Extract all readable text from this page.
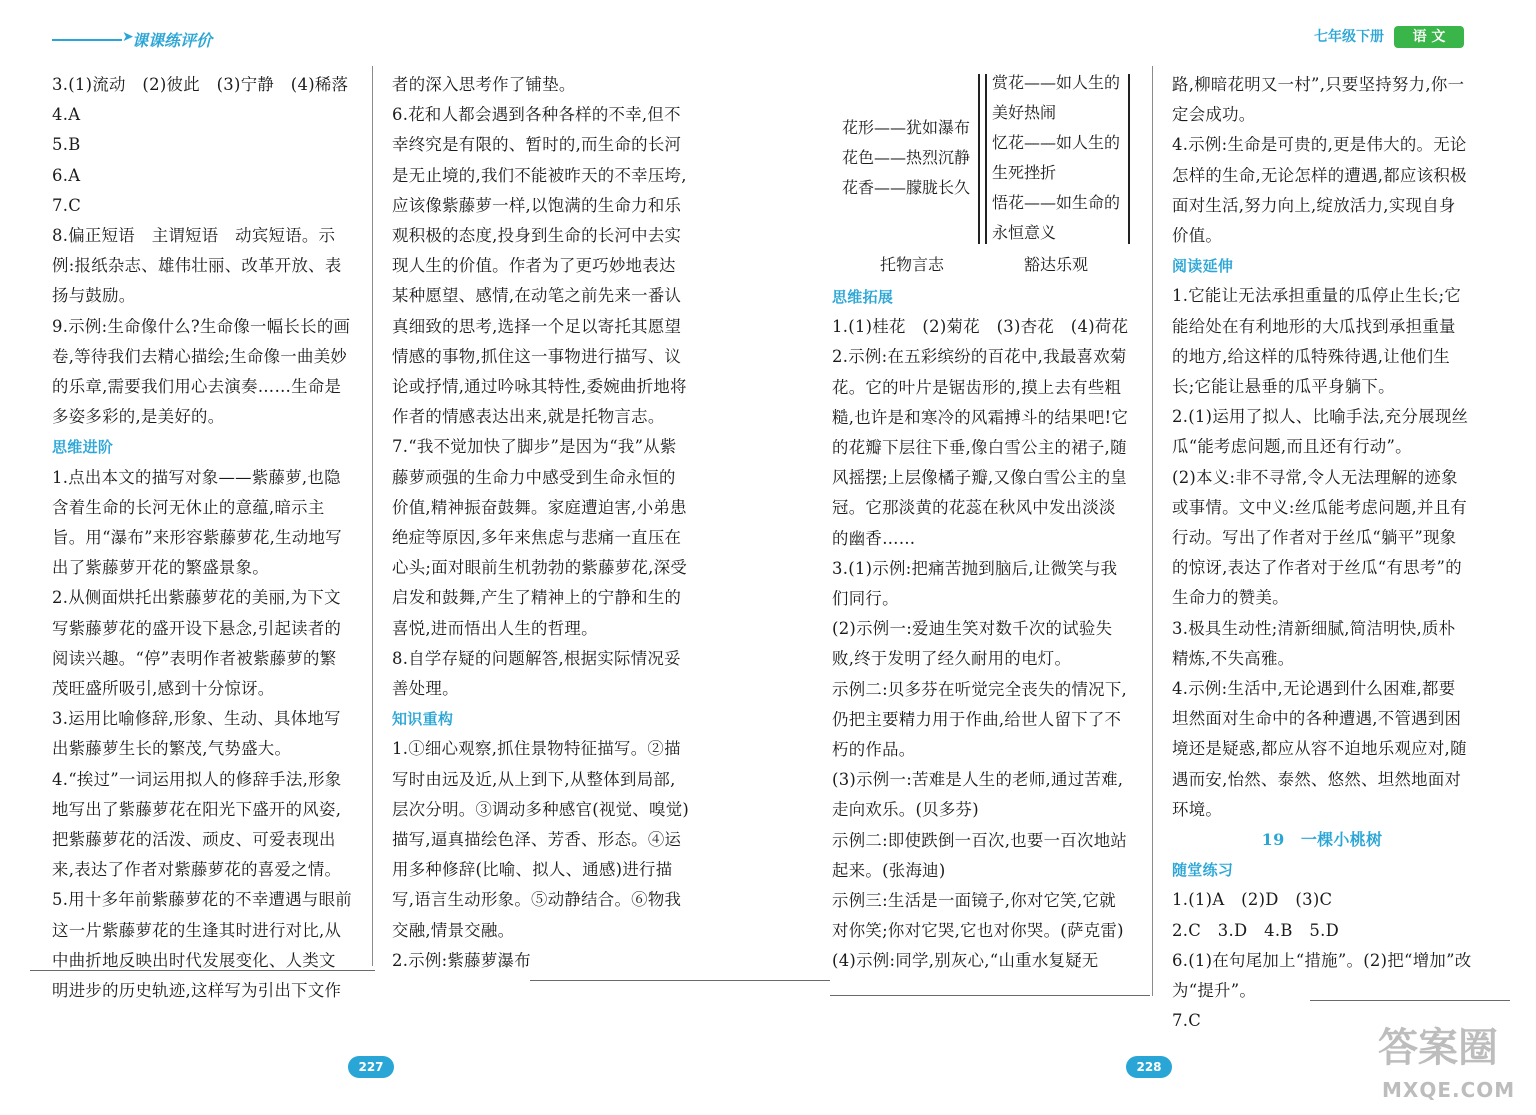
➤
课课练评价	七年级下册	语 文

3.(1)流动　(2)彼此　(3)宁静　(4)稀落

4.A

5.B

6.A

7.C

8.偏正短语　主谓短语　动宾短语。示例:报纸杂志、雄伟壮丽、改革开放、表扬与鼓励。

9.示例:生命像什么?生命像一幅长长的画卷,等待我们去精心描绘;生命像一曲美妙的乐章,需要我们用心去演奏……生命是多姿多彩的,是美好的。

思维进阶

1.点出本文的描写对象——紫藤萝,也隐含着生命的长河无休止的意蕴,暗示主旨。用“瀑布”来形容紫藤萝花,生动地写出了紫藤萝开花的繁盛景象。

2.从侧面烘托出紫藤萝花的美丽,为下文写紫藤萝花的盛开设下悬念,引起读者的阅读兴趣。“停”表明作者被紫藤萝的繁茂旺盛所吸引,感到十分惊讶。

3.运用比喻修辞,形象、生动、具体地写出紫藤萝生长的繁茂,气势盛大。

4.“挨过”一词运用拟人的修辞手法,形象地写出了紫藤萝花在阳光下盛开的风姿,把紫藤萝花的活泼、顽皮、可爱表现出来,表达了作者对紫藤萝花的喜爱之情。

5.用十多年前紫藤萝花的不幸遭遇与眼前这一片紫藤萝花的生逢其时进行对比,从中曲折地反映出时代发展变化、人类文明进步的历史轨迹,这样写为引出下文作

者的深入思考作了铺垫。

6.花和人都会遇到各种各样的不幸,但不幸终究是有限的、暂时的,而生命的长河是无止境的,我们不能被昨天的不幸压垮,应该像紫藤萝一样,以饱满的生命力和乐观积极的态度,投身到生命的长河中去实现人生的价值。作者为了更巧妙地表达某种愿望、感情,在动笔之前先来一番认真细致的思考,选择一个足以寄托其愿望情感的事物,抓住这一事物进行描写、议论或抒情,通过吟咏其特性,委婉曲折地将作者的情感表达出来,就是托物言志。

7.“我不觉加快了脚步”是因为“我”从紫藤萝顽强的生命力中感受到生命永恒的价值,精神振奋鼓舞。家庭遭迫害,小弟患绝症等原因,多年来焦虑与悲痛一直压在心头;面对眼前生机勃勃的紫藤萝花,深受启发和鼓舞,产生了精神上的宁静和生的喜悦,进而悟出人生的哲理。

8.自学存疑的问题解答,根据实际情况妥善处理。

知识重构

1.①细心观察,抓住景物特征描写。②描写时由远及近,从上到下,从整体到局部,层次分明。③调动多种感官(视觉、嗅觉)描写,逼真描绘色泽、芳香、形态。④运用多种修辞(比喻、拟人、通感)进行描写,语言生动形象。⑤动静结合。⑥物我交融,情景交融。

2.示例:紫藤萝瀑布

花形——犹如瀑布
花色——热烈沉静
花香——朦胧长久
赏花——如人生的
美好热闹
忆花——如人生的
生死挫折
悟花——如生命的
永恒意义
托物言志	豁达乐观

思维拓展

1.(1)桂花　(2)菊花　(3)杏花　(4)荷花

2.示例:在五彩缤纷的百花中,我最喜欢菊花。它的叶片是锯齿形的,摸上去有些粗糙,也许是和寒冷的风霜搏斗的结果吧!它的花瓣下层往下垂,像白雪公主的裙子,随风摇摆;上层像橘子瓣,又像白雪公主的皇冠。它那淡黄的花蕊在秋风中发出淡淡的幽香……

3.(1)示例:把痛苦抛到脑后,让微笑与我们同行。

(2)示例一:爱迪生笑对数千次的试验失败,终于发明了经久耐用的电灯。

示例二:贝多芬在听觉完全丧失的情况下,仍把主要精力用于作曲,给世人留下了不朽的作品。

(3)示例一:苦难是人生的老师,通过苦难,走向欢乐。(贝多芬)

示例二:即使跌倒一百次,也要一百次地站起来。(张海迪)

示例三:生活是一面镜子,你对它笑,它就对你笑;你对它哭,它也对你哭。(萨克雷)

(4)示例:同学,别灰心,“山重水复疑无

路,柳暗花明又一村”,只要坚持努力,你一定会成功。

4.示例:生命是可贵的,更是伟大的。无论怎样的生命,无论怎样的遭遇,都应该积极面对生活,努力向上,绽放活力,实现自身价值。

阅读延伸

1.它能让无法承担重量的瓜停止生长;它能给处在有利地形的大瓜找到承担重量的地方,给这样的瓜特殊待遇,让他们生长;它能让悬垂的瓜平身躺下。

2.(1)运用了拟人、比喻手法,充分展现丝瓜“能考虑问题,而且还有行动”。

(2)本义:非不寻常,令人无法理解的迹象或事情。文中义:丝瓜能考虑问题,并且有行动。写出了作者对于丝瓜“躺平”现象的惊讶,表达了作者对于丝瓜“有思考”的生命力的赞美。

3.极具生动性;清新细腻,简洁明快,质朴精炼,不失高雅。

4.示例:生活中,无论遇到什么困难,都要坦然面对生命中的各种遭遇,不管遇到困境还是疑惑,都应从容不迫地乐观应对,随遇而安,怡然、泰然、悠然、坦然地面对环境。

19　一棵小桃树

随堂练习

1.(1)A　(2)D　(3)C

2.C　3.D　4.B　5.D

6.(1)在句尾加上“措施”。(2)把“增加”改为“提升”。

7.C

227	228	答案圈
MXQE.COM
